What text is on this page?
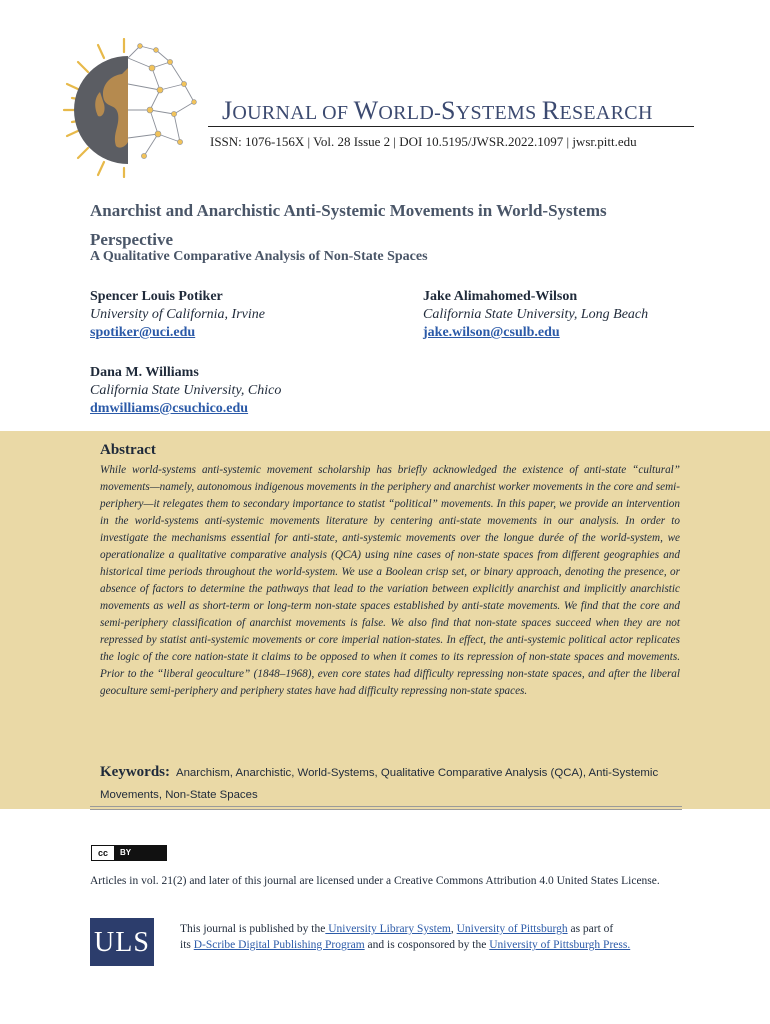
JOURNAL OF WORLD-SYSTEMS RESEARCH
ISSN: 1076-156X | Vol. 28 Issue 2 | DOI 10.5195/JWSR.2022.1097 | jwsr.pitt.edu
Anarchist and Anarchistic Anti-Systemic Movements in World-Systems Perspective
A Qualitative Comparative Analysis of Non-State Spaces
Spencer Louis Potiker
University of California, Irvine
spotiker@uci.edu
Jake Alimahomed-Wilson
California State University, Long Beach
jake.wilson@csulb.edu
Dana M. Williams
California State University, Chico
dmwilliams@csuchico.edu
Abstract
While world-systems anti-systemic movement scholarship has briefly acknowledged the existence of anti-state “cultural” movements—namely, autonomous indigenous movements in the periphery and anarchist worker movements in the core and semi-periphery—it relegates them to secondary importance to statist “political” movements. In this paper, we provide an intervention in the world-systems anti-systemic movements literature by centering anti-state movements in our analysis. In order to investigate the mechanisms essential for anti-state, anti-systemic movements over the longue durée of the world-system, we operationalize a qualitative comparative analysis (QCA) using nine cases of non-state spaces from different geographies and historical time periods throughout the world-system. We use a Boolean crisp set, or binary approach, denoting the presence, or absence of factors to determine the pathways that lead to the variation between explicitly anarchist and implicitly anarchistic movements as well as short-term or long-term non-state spaces established by anti-state movements. We find that the core and semi-periphery classification of anarchist movements is false. We also find that non-state spaces succeed when they are not repressed by statist anti-systemic movements or core imperial nation-states. In effect, the anti-systemic political actor replicates the logic of the core nation-state it claims to be opposed to when it comes to its repression of non-state spaces and movements. Prior to the “liberal geoculture” (1848–1968), even core states had difficulty repressing non-state spaces, and after the liberal geoculture semi-periphery and periphery states have had difficulty repressing non-state spaces.
Keywords: Anarchism, Anarchistic, World-Systems, Qualitative Comparative Analysis (QCA), Anti-Systemic Movements, Non-State Spaces
cc	BY
Articles in vol. 21(2) and later of this journal are licensed under a Creative Commons Attribution 4.0 United States License.
ULS	This journal is published by the University Library System, University of Pittsburgh as part of
its D-Scribe Digital Publishing Program and is cosponsored by the University of Pittsburgh Press.
